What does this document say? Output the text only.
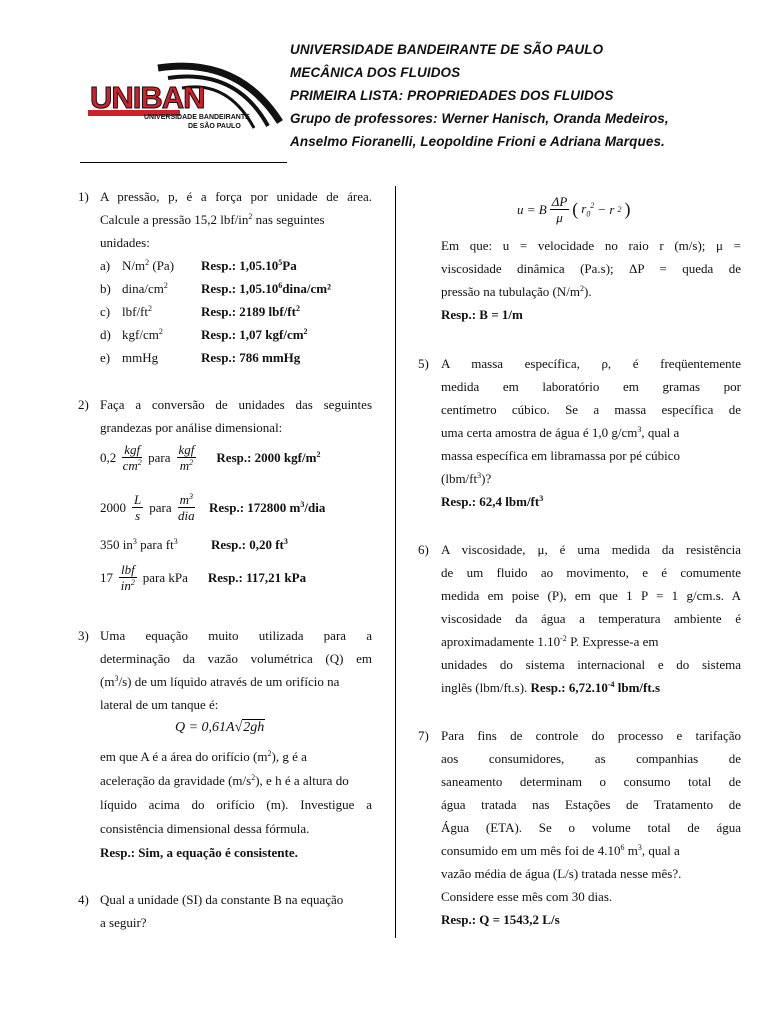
UNIBAN
UNIVERSIDADE BANDEIRANTE
DE SÃO PAULO
UNIVERSIDADE BANDEIRANTE DE SÃO PAULO
MECÂNICA DOS FLUIDOS
PRIMEIRA LISTA: PROPRIEDADES DOS FLUIDOS
Grupo de professores: Werner Hanisch, Oranda Medeiros,
Anselmo Fioranelli, Leopoldine Frioni e Adriana Marques.
1) A pressão, p, é a força por unidade de área.
Calcule a pressão 15,2 lbf/$in^2$ nas seguintes
unidades:
a) $N/m^2$ (Pa) Resp.: 1,05.10$^5$Pa
b) dina/$cm^2$	Resp.: 1,05.10$^6$dina/cm²
c) lbf/$ft^2$	Resp.: 2189 lbf/$ft^2$
d) kgf/$cm^2$	Resp.: 1,07 kgf/$cm^2$
e) mmHg	Resp.: 786 mmHg
2) Faça a conversão de unidades das seguintes
grandezas por análise dimensional:
$0,2 \frac{\text{kgf}}{cm^2}$ para $\frac{\text{kgf}}{m^2}$ Resp.: 2000 kgf/$m^2$
$2000 \frac{L}{s}$ para $\frac{m^3}{\text{dia}}$ Resp.: 172800 $m^3$/dia
350 $in^3$ para $ft^3$	Resp.: 0,20 $ft^3$
$17 \frac{\text{lbf}}{in^2}$ para kPa Resp.: 117,21 kPa
3) Uma equação muito utilizada para a
determinação da vazão volumétrica (Q) em
$(m^3/s)$ de um líquido através de um orifício na
lateral de um tanque é:
Q = 0,61A√2gh
em que A é a área do orifício $(m^2)$, g é a
aceleração da gravidade $(m/s^2)$, e h é a altura do
líquido acima do orifício (m). Investigue a
consistência dimensional dessa fórmula.
Resp.: Sim, a equação é consistente.
4) Qual a unidade (SI) da constante B na equação
a seguir?
u = B $\frac{\Delta P}{\mu}$ ( $r_0^2 - r$ 2 )
Em que: u = velocidade no raio r (m/s); μ =
viscosidade dinâmica (Pa.s); ΔP = queda de
pressão na tubulação $(N/m^2)$.
Resp.: B = 1/m
5) A massa específica, ρ, é freqüentemente
medida em laboratório em gramas por
centímetro cúbico. Se a massa específica de
uma certa amostra de água é 1,0 $g/cm^3$, qual a
massa específica em libramassa por pé cúbico
$(lbm/ft^3)$?
Resp.: 62,4 lbm/$ft^3$
6) A viscosidade, μ, é uma medida da resistência
de um fluido ao movimento, e é comumente
medida em poise (P), em que 1 P = 1 g/cm.s. A
viscosidade da água a temperatura ambiente é
aproximadamente $1.10^{-2}$ P. Expresse-a em
unidades do sistema internacional e do sistema
inglês (lbm/ft.s). Resp.: $6,72.10^{-4}$ lbm/ft.s
7) Para fins de controle do processo e tarifação
aos consumidores, as companhias de
saneamento determinam o consumo total de
água tratada nas Estações de Tratamento de
Água (ETA). Se o volume total de água
consumido em um mês foi de 4.10$^6$ $m^3$, qual a
vazão média de água (L/s) tratada nesse mês?.
Considere esse mês com 30 dias.
Resp.: Q = 1543,2 L/s
